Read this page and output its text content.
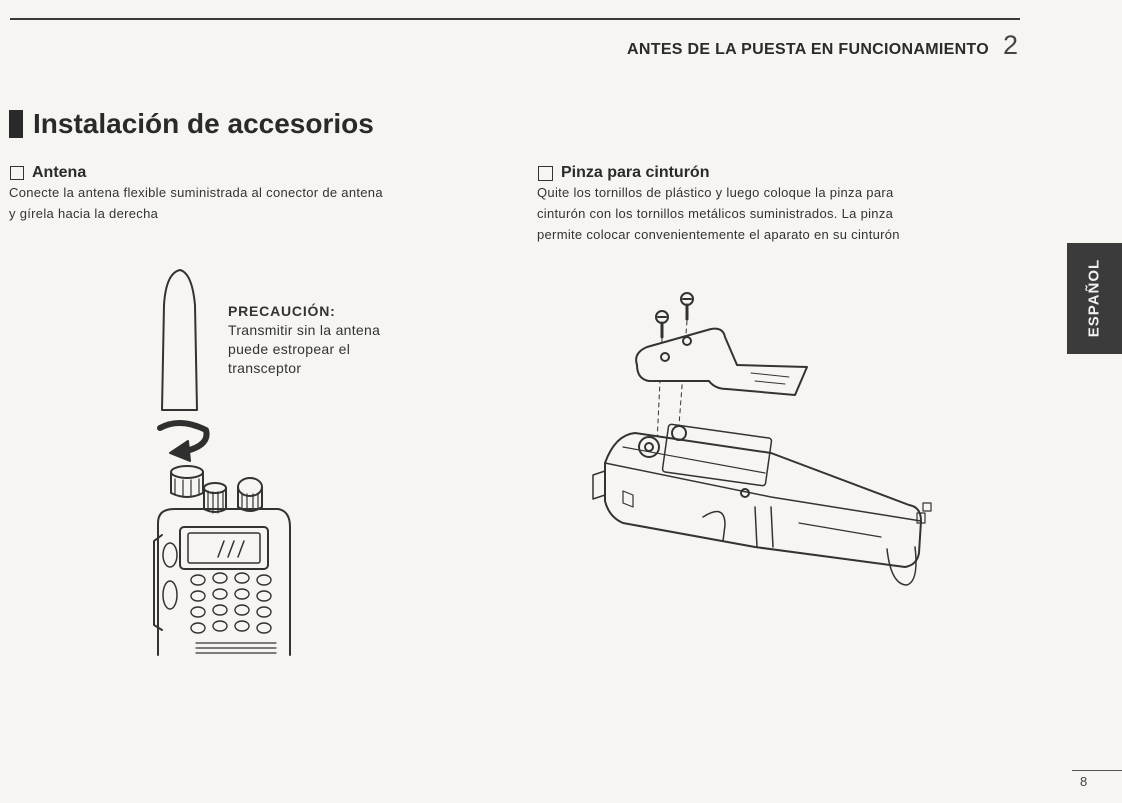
ANTES DE LA PUESTA EN FUNCIONAMIENTO 2
Instalación de accesorios
Antena
Conecte la antena flexible suministrada al conector de antena
y gírela hacia la derecha
PRECAUCIÓN:
Transmitir sin la antena
puede estropear el
transceptor
Pinza para cinturón
Quite los tornillos de plástico y luego coloque la pinza para
cinturón con los tornillos metálicos suministrados. La pinza
permite colocar convenientemente el aparato en su cinturón
ESPAÑOL
8
